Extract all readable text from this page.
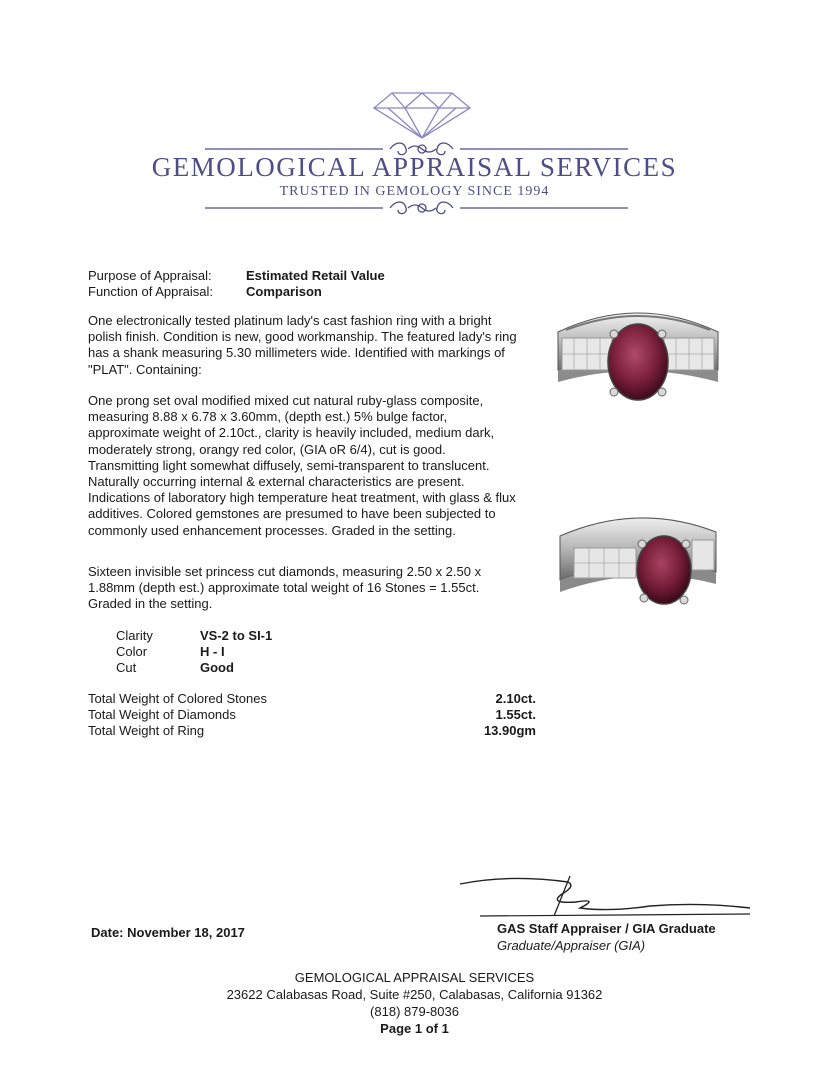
GEMOLOGICAL APPRAISAL SERVICES
TRUSTED IN GEMOLOGY SINCE 1994
Purpose of Appraisal:	Estimated Retail Value
Function of Appraisal:	Comparison
One electronically tested platinum lady's cast fashion ring with a bright polish finish. Condition is new, good workmanship. The featured lady's ring has a shank measuring 5.30 millimeters wide. Identified with markings of "PLAT". Containing:
One prong set oval modified mixed cut natural ruby-glass composite, measuring 8.88 x 6.78 x 3.60mm, (depth est.) 5% bulge factor, approximate weight of 2.10ct., clarity is heavily included, medium dark, moderately strong, orangy red color, (GIA oR 6/4), cut is good. Transmitting light somewhat diffusely, semi-transparent to translucent. Naturally occurring internal & external characteristics are present. Indications of laboratory high temperature heat treatment, with glass & flux additives. Colored gemstones are presumed to have been subjected to commonly used enhancement processes. Graded in the setting.
Sixteen invisible set princess cut diamonds, measuring 2.50 x 2.50 x 1.88mm (depth est.) approximate total weight of 16 Stones = 1.55ct. Graded in the setting.
Clarity	VS-2 to SI-1
Color	H - I
Cut	Good
Total Weight of Colored Stones	2.10ct.
Total Weight of Diamonds	1.55ct.
Total Weight of Ring	13.90gm
Date: November 18, 2017	GAS Staff Appraiser / GIA Graduate
Graduate/Appraiser (GIA)
GEMOLOGICAL APPRAISAL SERVICES
23622 Calabasas Road, Suite #250, Calabasas, California 91362
(818) 879-8036
Page 1 of 1
